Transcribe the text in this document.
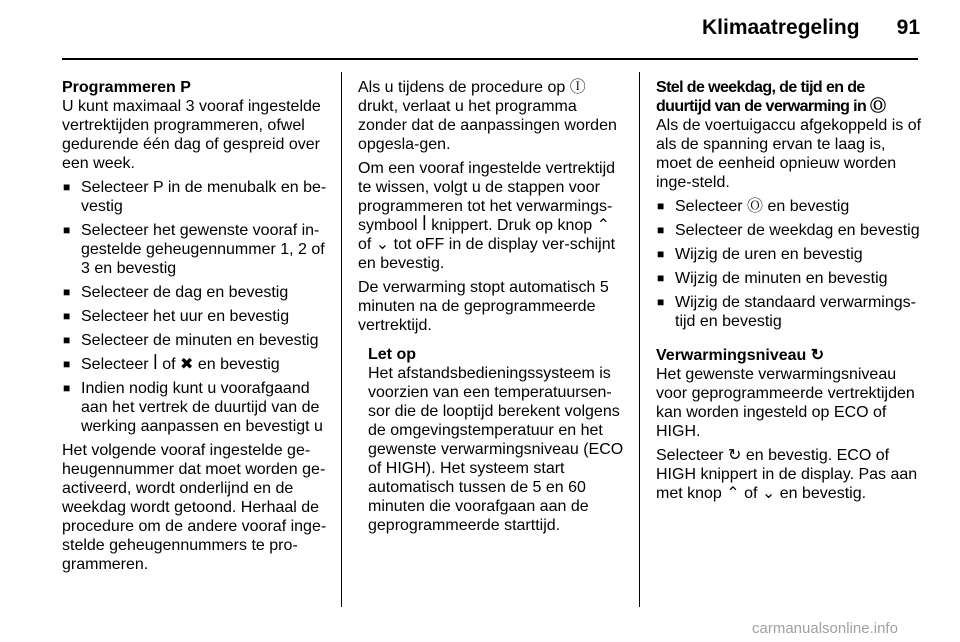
Klimaatregeling	91

Programmeren P

U kunt maximaal 3 vooraf ingestelde vertrektijden programmeren, ofwel gedurende één dag of gespreid over een week.

■ Selecteer P in de menubalk en be-vestig
■ Selecteer het gewenste vooraf in-gestelde geheugennummer 1, 2 of 3 en bevestig
■ Selecteer de dag en bevestig
■ Selecteer het uur en bevestig
■ Selecteer de minuten en bevestig
■ Selecteer ꟾ of ✖ en bevestig
■ Indien nodig kunt u voorafgaand aan het vertrek de duurtijd van de werking aanpassen en bevestigt u

Het volgende vooraf ingestelde ge-heugennummer dat moet worden ge-activeerd, wordt onderlijnd en de weekdag wordt getoond. Herhaal de procedure om de andere vooraf inge-stelde geheugennummers te pro-grammeren.

Als u tijdens de procedure op Ⓘ drukt, verlaat u het programma zonder dat de aanpassingen worden opgesla-gen.

Om een vooraf ingestelde vertrektijd te wissen, volgt u de stappen voor programmeren tot het verwarmings-symbool ꟾ knippert. Druk op knop ⌃ of ⌄ tot oFF in de display ver-schijnt en bevestig.

De verwarming stopt automatisch 5 minuten na de geprogrammeerde vertrektijd.

Let op

Het afstandsbedieningssysteem is voorzien van een temperatuursen-sor die de looptijd berekent volgens de omgevingstemperatuur en het gewenste verwarmingsniveau (ECO of HIGH). Het systeem start automatisch tussen de 5 en 60 minuten die voorafgaan aan de geprogrammeerde starttijd.

Stel de weekdag, de tijd en de duurtijd van de verwarming in Ⓞ

Als de voertuigaccu afgekoppeld is of als de spanning ervan te laag is, moet de eenheid opnieuw worden inge-steld.

■ Selecteer Ⓞ en bevestig
■ Selecteer de weekdag en bevestig
■ Wijzig de uren en bevestig
■ Wijzig de minuten en bevestig
■ Wijzig de standaard verwarmings-tijd en bevestig

Verwarmingsniveau ↻

Het gewenste verwarmingsniveau voor geprogrammeerde vertrektijden kan worden ingesteld op ECO of HIGH.

Selecteer ↻ en bevestig. ECO of HIGH knippert in de display. Pas aan met knop ⌃ of ⌄ en bevestig.

carmanualsonline.info
